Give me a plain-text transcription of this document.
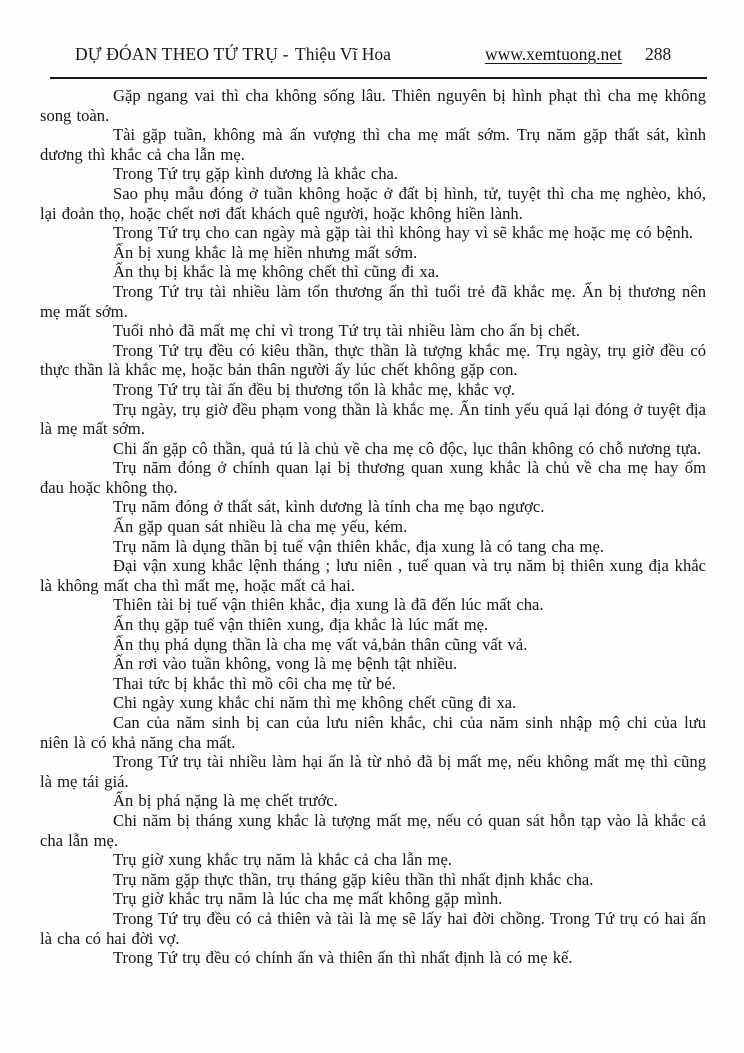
DỰ ĐÓAN THEO TỨ TRỤ - Thiệu Vĩ Hoa	www.xemtuong.net 288

Gặp ngang vai thì cha không sống lâu. Thiên nguyên bị hình phạt thì cha mẹ không song toàn.

Tài gặp tuần, không mà ấn vượng thì cha mẹ mất sớm. Trụ năm gặp thất sát, kình dương thì khắc cả cha lẫn mẹ.

Trong Tứ trụ gặp kình dương là khắc cha.

Sao phụ mẫu đóng ở tuần không hoặc ở đất bị hình, tử, tuyệt thì cha mẹ nghèo, khó, lại đoản thọ, hoặc chết nơi đất khách quê người, hoặc không hiền lành.

Trong Tứ trụ cho can ngày mà gặp tài thì không hay vì sẽ khắc mẹ hoặc mẹ có bệnh.

Ấn bị xung khắc là mẹ hiền nhưng mất sớm.

Ấn thụ bị khắc là mẹ không chết thì cũng đi xa.

Trong Tứ trụ tài nhiều làm tổn thương ấn thì tuổi trẻ đã khắc mẹ. Ấn bị thương nên mẹ mất sớm.

Tuổi nhỏ đã mất mẹ chỉ vì trong Tứ trụ tài nhiều làm cho ấn bị chết.

Trong Tứ trụ đều có kiêu thần, thực thần là tượng khắc mẹ. Trụ ngày, trụ giờ đều có thực thần là khắc mẹ, hoặc bản thân người ấy lúc chết không gặp con.

Trong Tứ trụ tài ấn đều bị thương tổn là khắc mẹ, khắc vợ.

Trụ ngày, trụ giờ đều phạm vong thần là khắc mẹ. Ấn tinh yếu quá lại đóng ở tuyệt địa là mẹ mất sớm.

Chi ấn gặp cô thần, quả tú là chủ về cha mẹ cô độc, lục thân không có chỗ nương tựa.

Trụ năm đóng ở chính quan lại bị thương quan xung khắc là chủ về cha mẹ hay ốm đau hoặc không thọ.

Trụ năm đóng ở thất sát, kình dương là tính cha mẹ bạo ngược.

Ấn gặp quan sát nhiều là cha mẹ yếu, kém.

Trụ năm là dụng thần bị tuế vận thiên khắc, địa xung là có tang cha mẹ.

Đại vận xung khắc lệnh tháng ; lưu niên , tuế quan và trụ năm bị thiên xung địa khắc là không mất cha thì mất mẹ, hoặc mất cả hai.

Thiên tài bị tuế vận thiên khắc, địa xung là đã đến lúc mất cha.

Ấn thụ gặp tuế vận thiên xung, địa khắc là lúc mất mẹ.

Ấn thụ phá dụng thần là cha mẹ vất vả,bản thân cũng vất vả.

Ấn rơi vào tuần không, vong là mẹ bệnh tật nhiều.

Thai tức bị khắc thì mồ côi cha mẹ từ bé.

Chi ngày xung khắc chi năm thì mẹ không chết cũng đi xa.

Can của năm sinh bị can của lưu niên khắc, chi của năm sinh nhập mộ chi của lưu niên là có khả năng cha mất.

Trong Tứ trụ tài nhiều làm hại ấn là từ nhỏ đã bị mất mẹ, nếu không mất mẹ thì cũng là mẹ tái giá.

Ấn bị phá nặng là mẹ chết trước.

Chi năm bị tháng xung khắc là tượng mất mẹ, nếu có quan sát hỗn tạp vào là khắc cả cha lẫn mẹ.

Trụ giờ xung khắc trụ năm là khắc cả cha lẫn mẹ.

Trụ năm gặp thực thần, trụ tháng gặp kiêu thần thì nhất định khắc cha.

Trụ giờ khắc trụ năm là lúc cha mẹ mất không gặp mình.

Trong Tứ trụ đều có cả thiên và tài là mẹ sẽ lấy hai đời chồng. Trong Tứ trụ có hai ấn là cha có hai đời vợ.

Trong Tứ trụ đều có chính ấn và thiên ấn thì nhất định là có mẹ kế.
